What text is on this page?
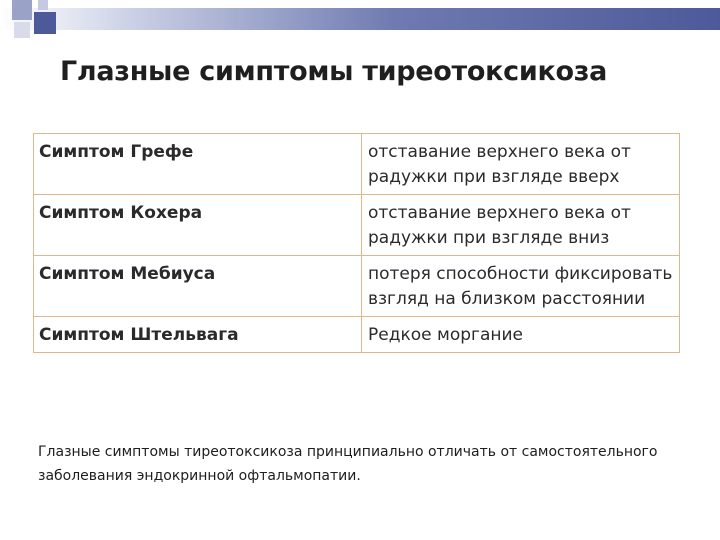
Глазные симптомы тиреотоксикоза
Симптом Грефе	отставание верхнего века от радужки при взгляде вверх
Симптом Кохера	отставание верхнего века от радужки при взгляде вниз
Симптом Мебиуса	потеря способности фиксировать взгляд на близком расстоянии
Симптом Штельвага	Редкое моргание

Глазные симптомы тиреотоксикоза принципиально отличать от самостоятельного заболевания эндокринной офтальмопатии.
